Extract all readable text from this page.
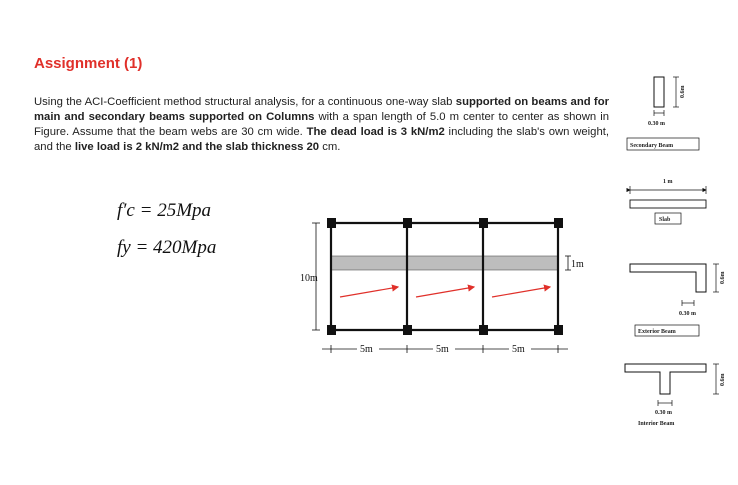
Assignment (1)
Using the ACI-Coefficient method structural analysis, for a continuous one-way slab supported on beams and for main and secondary beams supported on Columns with a span length of 5.0 m center to center as shown in Figure. Assume that the beam webs are 30 cm wide. The dead load is 3 kN/m2 including the slab's own weight, and the live load is 2 kN/m2 and the slab thickness 20 cm.
f′c = 25Mpa
fy = 420Mpa
10m
1m
5m	5m	5m
0.6m
0.30 m
Secondary Beam
1 m
Slab
0.6m
0.30 m
Exterior Beam
0.6m
0.30 m
Interior Beam
